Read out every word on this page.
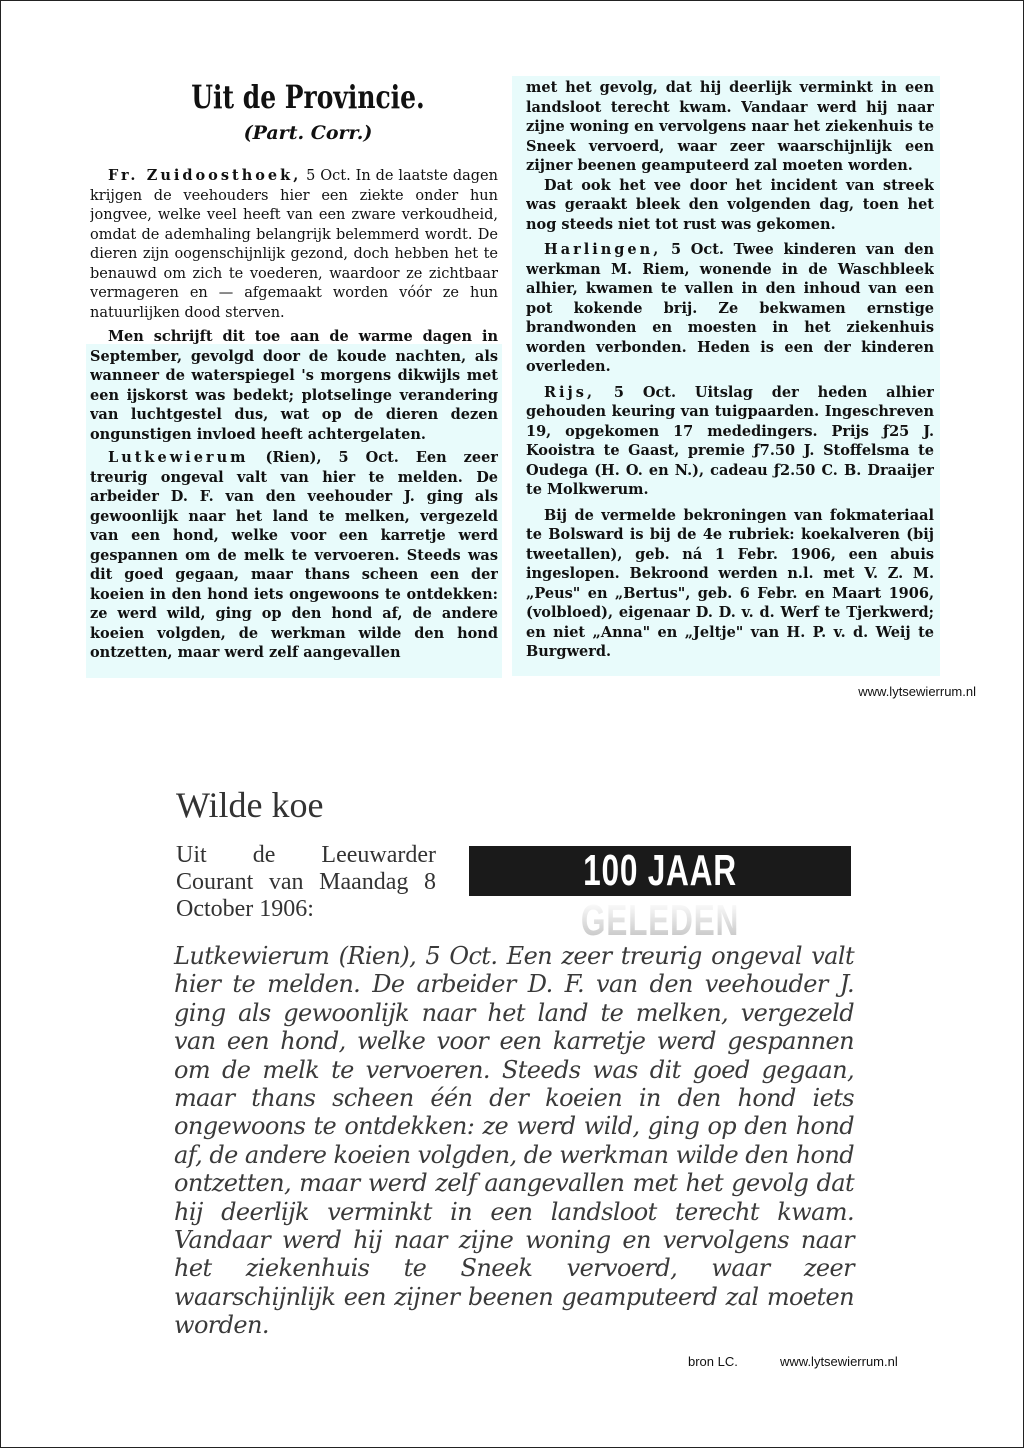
Uit de Provincie.
(Part. Corr.)

Fr. Zuidoosthoek, 5 Oct. In de laatste dagen krijgen de veehouders hier een ziekte onder hun jongvee, welke veel heeft van een zware verkoudheid, omdat de ademhaling belangrijk belemmerd wordt. De dieren zijn oogenschijnlijk gezond, doch hebben het te benauwd om zich te voederen, waardoor ze zichtbaar vermageren en — afgemaakt worden vóór ze hun natuurlijken dood sterven.

Men schrijft dit toe aan de warme dagen in September, gevolgd door de koude nachten, als wanneer de waterspiegel 's morgens dikwijls met een ijskorst was bedekt; plotselinge verandering van luchtgestel dus, wat op de dieren dezen ongunstigen invloed heeft achtergelaten.

Lutkewierum (Rien), 5 Oct. Een zeer treurig ongeval valt van hier te melden. De arbeider D. F. van den veehouder J. ging als gewoonlijk naar het land te melken, vergezeld van een hond, welke voor een karretje werd gespannen om de melk te vervoeren. Steeds was dit goed gegaan, maar thans scheen een der koeien in den hond iets ongewoons te ontdekken: ze werd wild, ging op den hond af, de andere koeien volgden, de werkman wilde den hond ontzetten, maar werd zelf aangevallen

met het gevolg, dat hij deerlijk verminkt in een landsloot terecht kwam. Vandaar werd hij naar zijne woning en vervolgens naar het ziekenhuis te Sneek vervoerd, waar zeer waarschijnlijk een zijner beenen geamputeerd zal moeten worden.

Dat ook het vee door het incident van streek was geraakt bleek den volgenden dag, toen het nog steeds niet tot rust was gekomen.

Harlingen, 5 Oct. Twee kinderen van den werkman M. Riem, wonende in de Waschbleek alhier, kwamen te vallen in den inhoud van een pot kokende brij. Ze bekwamen ernstige brandwonden en moesten in het ziekenhuis worden verbonden. Heden is een der kinderen overleden.

Rijs, 5 Oct. Uitslag der heden alhier gehouden keuring van tuigpaarden. Ingeschreven 19, opgekomen 17 mededingers. Prijs ƒ25 J. Kooistra te Gaast, premie ƒ7.50 J. Stoffelsma te Oudega (H. O. en N.), cadeau ƒ2.50 C. B. Draaijer te Molkwerum.

Bij de vermelde bekroningen van fokmateriaal te Bolsward is bij de 4e rubriek: koekalveren (bij tweetallen), geb. ná 1 Febr. 1906, een abuis ingeslopen. Bekroond werden n.l. met V. Z. M. „Peus" en „Bertus", geb. 6 Febr. en Maart 1906, (volbloed), eigenaar D. D. v. d. Werf te Tjerkwerd; en niet „Anna" en „Jeltje" van H. P. v. d. Weij te Burgwerd.

www.lytsewierrum.nl
Wilde koe
Uit de Leeuwarder Courant van Maandag 8 October 1906:
100 JAAR GELEDEN
Lutkewierum (Rien), 5 Oct. Een zeer treurig ongeval valt hier te melden. De arbeider D. F. van den veehouder J. ging als gewoonlijk naar het land te melken, vergezeld van een hond, welke voor een karretje werd gespannen om de melk te vervoeren. Steeds was dit goed gegaan, maar thans scheen één der koeien in den hond iets ongewoons te ontdekken: ze werd wild, ging op den hond af, de andere koeien volgden, de werkman wilde den hond ontzetten, maar werd zelf aangevallen met het gevolg dat hij deerlijk verminkt in een landsloot terecht kwam. Vandaar werd hij naar zijne woning en vervolgens naar het ziekenhuis te Sneek vervoerd, waar zeer waarschijnlijk een zijner beenen geamputeerd zal moeten worden.
bron LC.	www.lytsewierrum.nl
